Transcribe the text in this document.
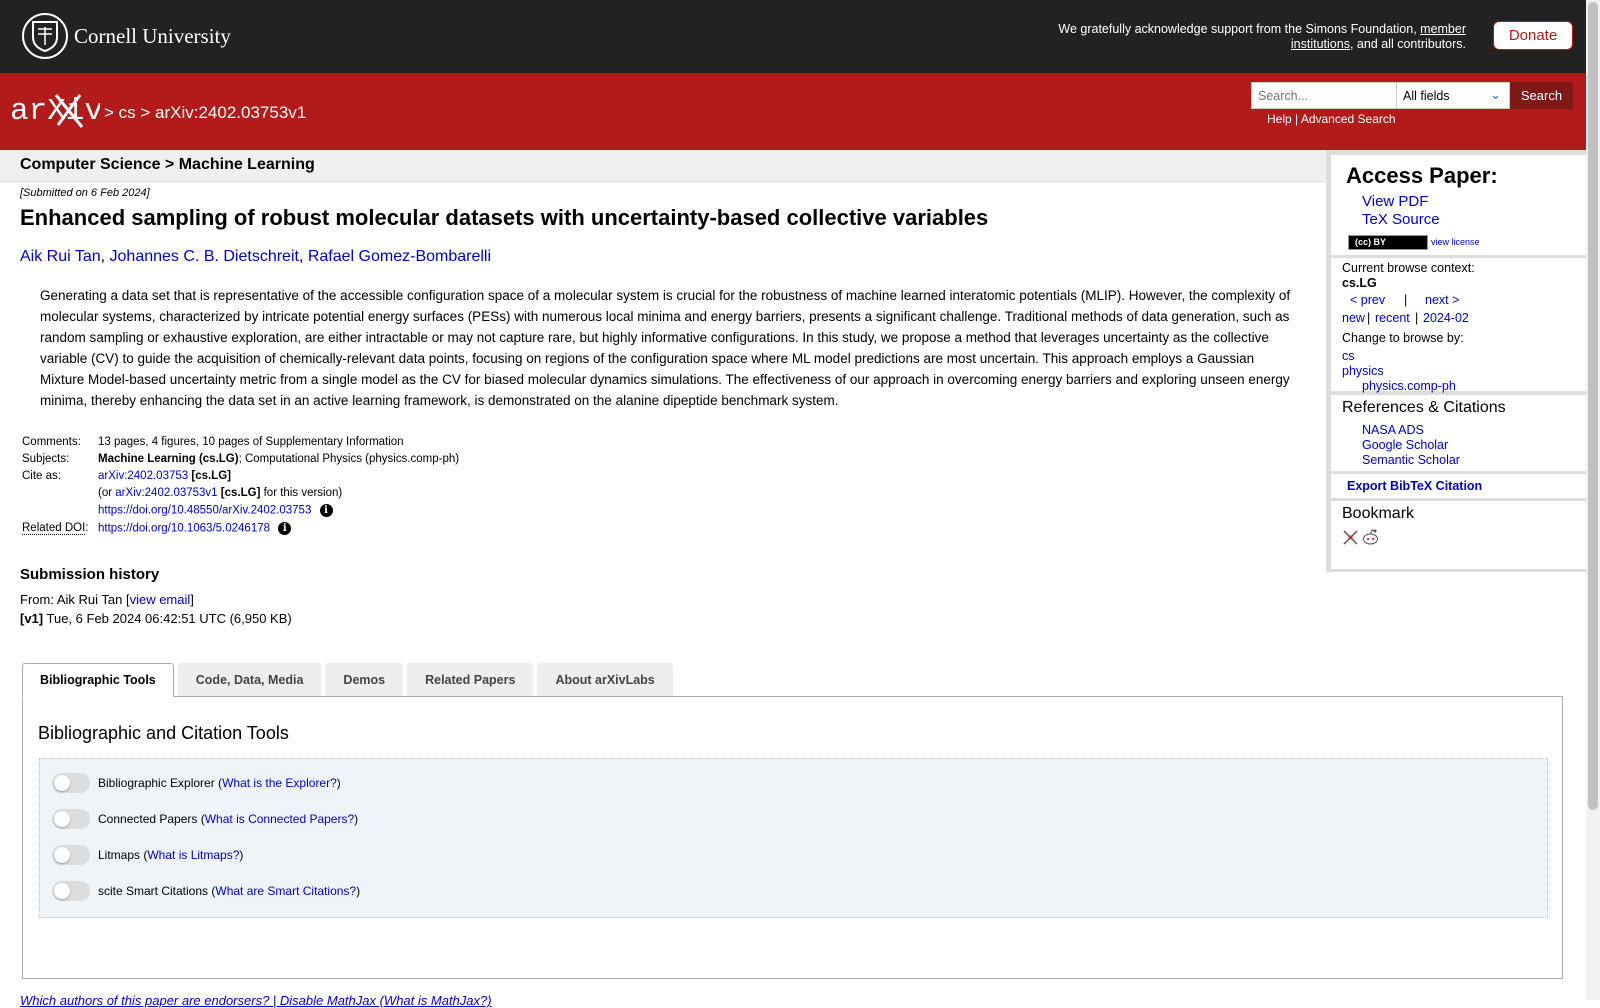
Cornell University	We gratefully acknowledge support from the Simons Foundation, member institutions, and all contributors.	Donate
arXiv > cs > arXiv:2402.03753v1
Search...	All fields	⌄	Search
Help | Advanced Search
Computer Science > Machine Learning
[Submitted on 6 Feb 2024]
Enhanced sampling of robust molecular datasets with uncertainty-based collective variables
Aik Rui Tan, Johannes C. B. Dietschreit, Rafael Gomez-Bombarelli

Generating a data set that is representative of the accessible configuration space of a molecular system is crucial for the robustness of machine learned interatomic potentials (MLIP). However, the complexity of molecular systems, characterized by intricate potential energy surfaces (PESs) with numerous local minima and energy barriers, presents a significant challenge. Traditional methods of data generation, such as random sampling or exhaustive exploration, are either intractable or may not capture rare, but highly informative configurations. In this study, we propose a method that leverages uncertainty as the collective variable (CV) to guide the acquisition of chemically-relevant data points, focusing on regions of the configuration space where ML model predictions are most uncertain. This approach employs a Gaussian Mixture Model-based uncertainty metric from a single model as the CV for biased molecular dynamics simulations. The effectiveness of our approach in overcoming energy barriers and exploring unseen energy minima, thereby enhancing the data set in an active learning framework, is demonstrated on the alanine dipeptide benchmark system.

Comments:	13 pages, 4 figures, 10 pages of Supplementary Information
Subjects:	Machine Learning (cs.LG); Computational Physics (physics.comp-ph)
Cite as:	arXiv:2402.03753 [cs.LG]
	(or arXiv:2402.03753v1 [cs.LG] for this version)
	https://doi.org/10.48550/arXiv.2402.03753 i
Related DOI:	https://doi.org/10.1063/5.0246178 i
Submission history
From: Aik Rui Tan [view email]
[v1] Tue, 6 Feb 2024 06:42:51 UTC (6,950 KB)
Bibliographic Tools	Code, Data, Media	Demos	Related Papers	About arXivLabs
Bibliographic and Citation Tools
Bibliographic Explorer ( What is the Explorer? )
Connected Papers ( What is Connected Papers? )
Litmaps ( What is Litmaps? )
scite Smart Citations ( What are Smart Citations? )
Which authors of this paper are endorsers? | Disable MathJax (What is MathJax?)
Access Paper:
View PDF
TeX Source
(cc) BY	view license
Current browse context:
cs.LG
< prev | next >
new | recent | 2024-02
Change to browse by:
cs
physics
physics.comp-ph
References & Citations
NASA ADS
Google Scholar
Semantic Scholar
Export BibTeX Citation
Bookmark
